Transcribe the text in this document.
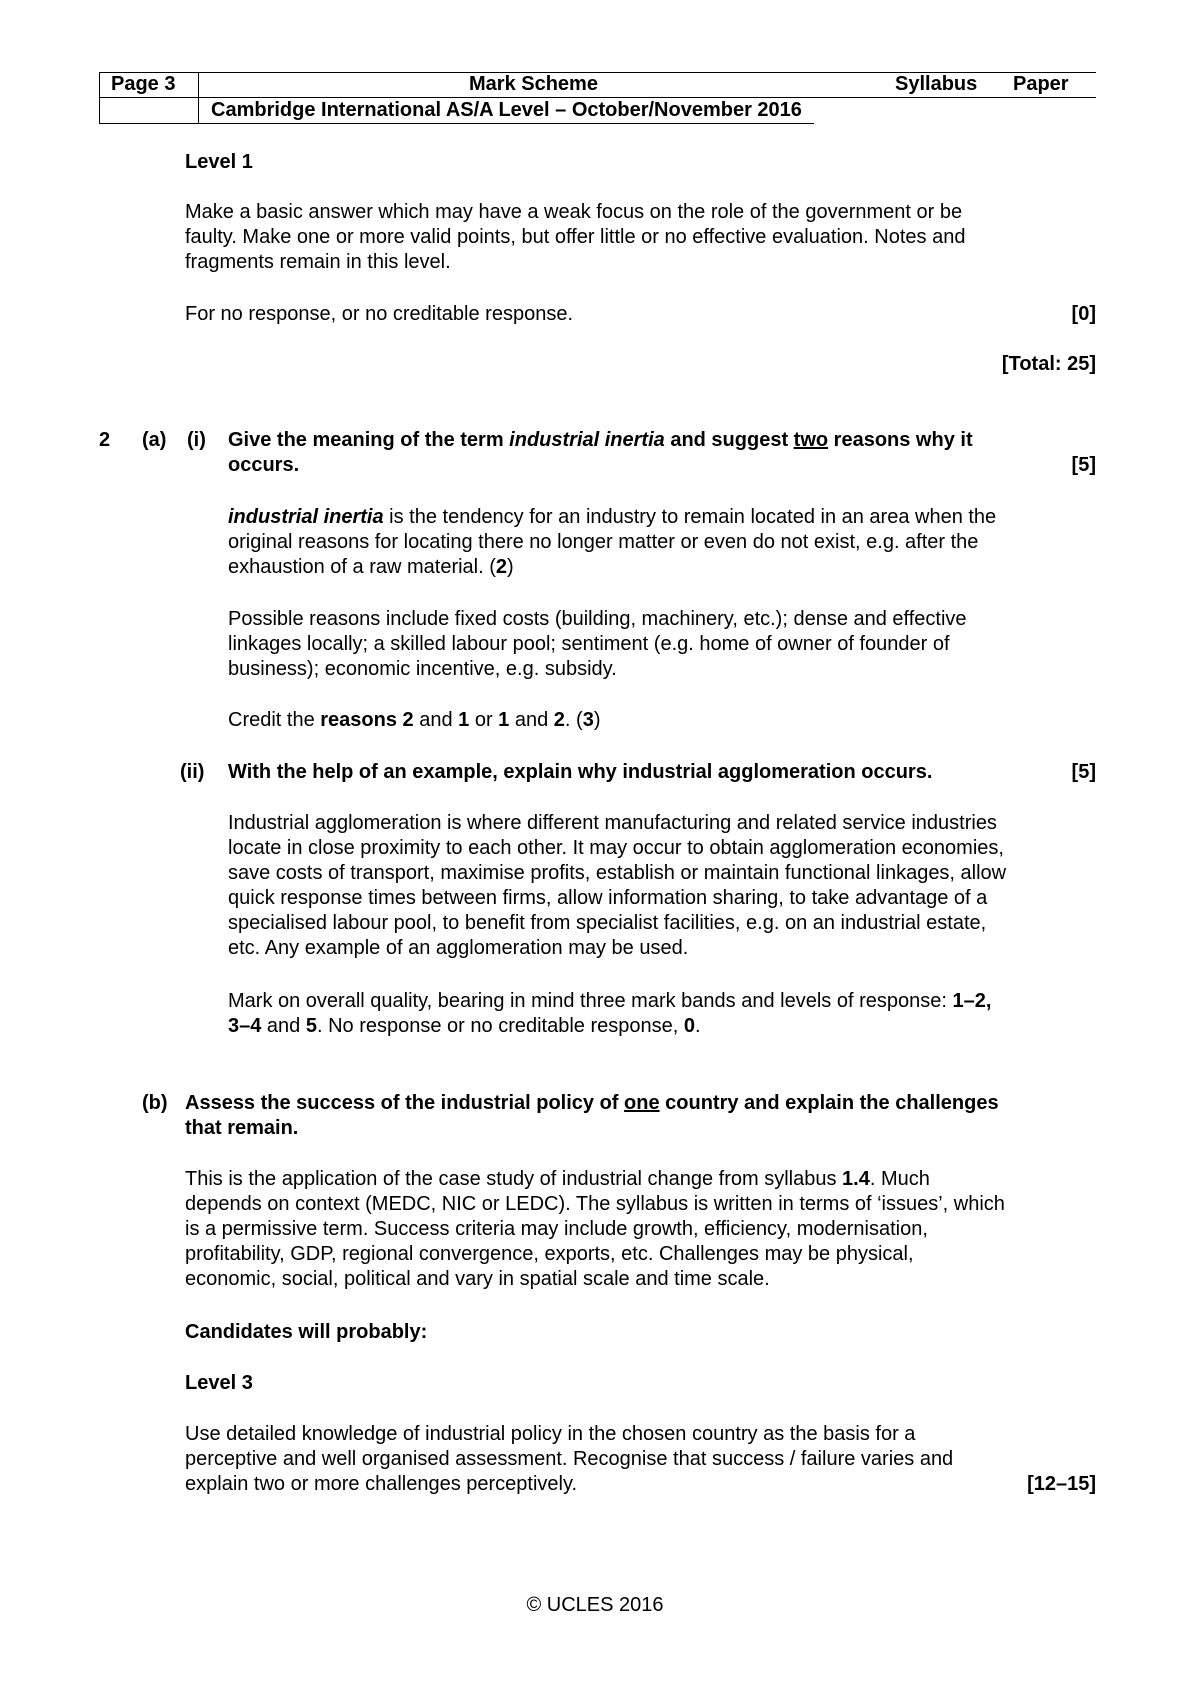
Page 3	Mark Scheme	Syllabus Paper
Cambridge International AS/A Level – October/November 2016
Level 1
Make a basic answer which may have a weak focus on the role of the government or be
faulty. Make one or more valid points, but offer little or no effective evaluation. Notes and
fragments remain in this level.
For no response, or no creditable response.	[0]
[Total: 25]
2 (a) (i) Give the meaning of the term industrial inertia and suggest two reasons why it
occurs.	[5]
industrial inertia is the tendency for an industry to remain located in an area when the
original reasons for locating there no longer matter or even do not exist, e.g. after the
exhaustion of a raw material. (2)
Possible reasons include fixed costs (building, machinery, etc.); dense and effective
linkages locally; a skilled labour pool; sentiment (e.g. home of owner of founder of
business); economic incentive, e.g. subsidy.
Credit the reasons 2 and 1 or 1 and 2. (3)
(ii) With the help of an example, explain why industrial agglomeration occurs.	[5]
Industrial agglomeration is where different manufacturing and related service industries
locate in close proximity to each other. It may occur to obtain agglomeration economies,
save costs of transport, maximise profits, establish or maintain functional linkages, allow
quick response times between firms, allow information sharing, to take advantage of a
specialised labour pool, to benefit from specialist facilities, e.g. on an industrial estate,
etc. Any example of an agglomeration may be used.
Mark on overall quality, bearing in mind three mark bands and levels of response: 1–2,
3–4 and 5. No response or no creditable response, 0.
(b) Assess the success of the industrial policy of one country and explain the challenges
that remain.
This is the application of the case study of industrial change from syllabus 1.4. Much
depends on context (MEDC, NIC or LEDC). The syllabus is written in terms of ‘issues’, which
is a permissive term. Success criteria may include growth, efficiency, modernisation,
profitability, GDP, regional convergence, exports, etc. Challenges may be physical,
economic, social, political and vary in spatial scale and time scale.
Candidates will probably:
Level 3
Use detailed knowledge of industrial policy in the chosen country as the basis for a
perceptive and well organised assessment. Recognise that success / failure varies and
explain two or more challenges perceptively.	[12–15]
© UCLES 2016
